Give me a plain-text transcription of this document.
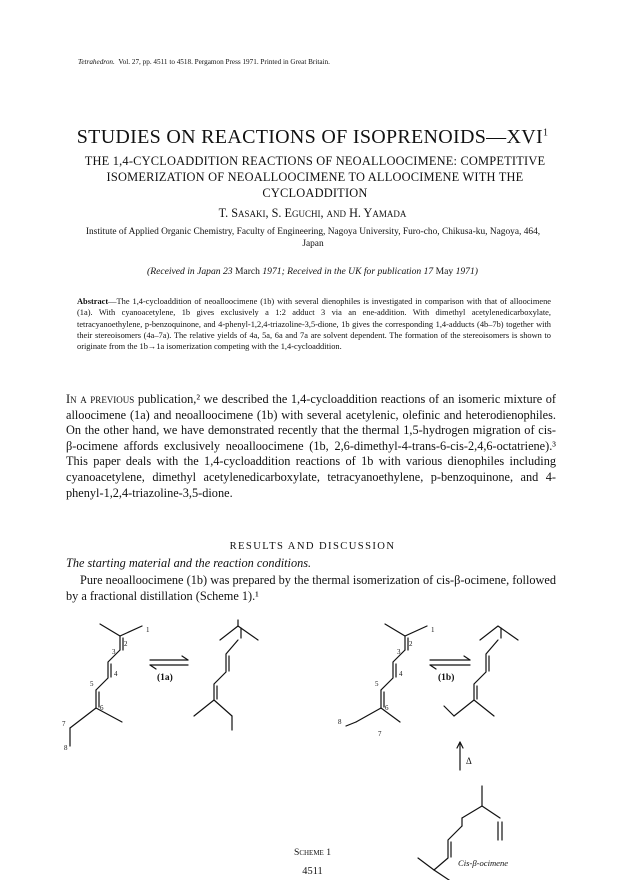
Tetrahedron. Vol. 27, pp. 4511 to 4518. Pergamon Press 1971. Printed in Great Britain.
STUDIES ON REACTIONS OF ISOPRENOIDS—XVI$^1$
THE 1,4-CYCLOADDITION REACTIONS OF NEOALLOOCIMENE: COMPETITIVE ISOMERIZATION OF NEOALLOOCIMENE TO ALLOOCIMENE WITH THE CYCLOADDITION
T. Sasaki, S. Eguchi, and H. Yamada
Institute of Applied Organic Chemistry, Faculty of Engineering, Nagoya University, Furo-cho, Chikusa-ku, Nagoya, 464, Japan
(Received in Japan 23 March 1971; Received in the UK for publication 17 May 1971)
Abstract—The 1,4-cycloaddition of neoalloocimene (1b) with several dienophiles is investigated in comparison with that of alloocimene (1a). With cyanoacetylene, 1b gives exclusively a 1:2 adduct 3 via an ene-addition. With dimethyl acetylenedicarboxylate, tetracyanoethylene, p-benzoquinone, and 4-phenyl-1,2,4-triazoline-3,5-dione, 1b gives the corresponding 1,4-adducts (4b–7b) together with their stereoisomers (4a–7a). The relative yields of 4a, 5a, 6a and 7a are solvent dependent. The formation of the stereoisomers is shown to originate from the 1b→1a isomerization competing with the 1,4-cycloaddition.
In a previous publication,² we described the 1,4-cycloaddition reactions of an isomeric mixture of alloocimene (1a) and neoalloocimene (1b) with several acetylenic, olefinic and heterodienophiles. On the other hand, we have demonstrated recently that the thermal 1,5-hydrogen migration of cis-β-ocimene affords exclusively neoalloocimene (1b, 2,6-dimethyl-4-trans-6-cis-2,4,6-octatriene).³ This paper deals with the 1,4-cycloaddition reactions of 1b with various dienophiles including cyanoacetylene, dimethyl acetylenedicarboxylate, tetracyanoethylene, p-benzoquinone, and 4-phenyl-1,2,4-triazoline-3,5-dione.
RESULTS AND DISCUSSION
The starting material and the reaction conditions.
Pure neoalloocimene (1b) was prepared by the thermal isomerization of cis-β-ocimene, followed by a fractional distillation (Scheme 1).¹
1
2
3
4
5
6
7
8
1
2
3
4
5
6
7
8
(1a)	(1b)
Δ
Cis-β-ocimene
Scheme 1
4511
